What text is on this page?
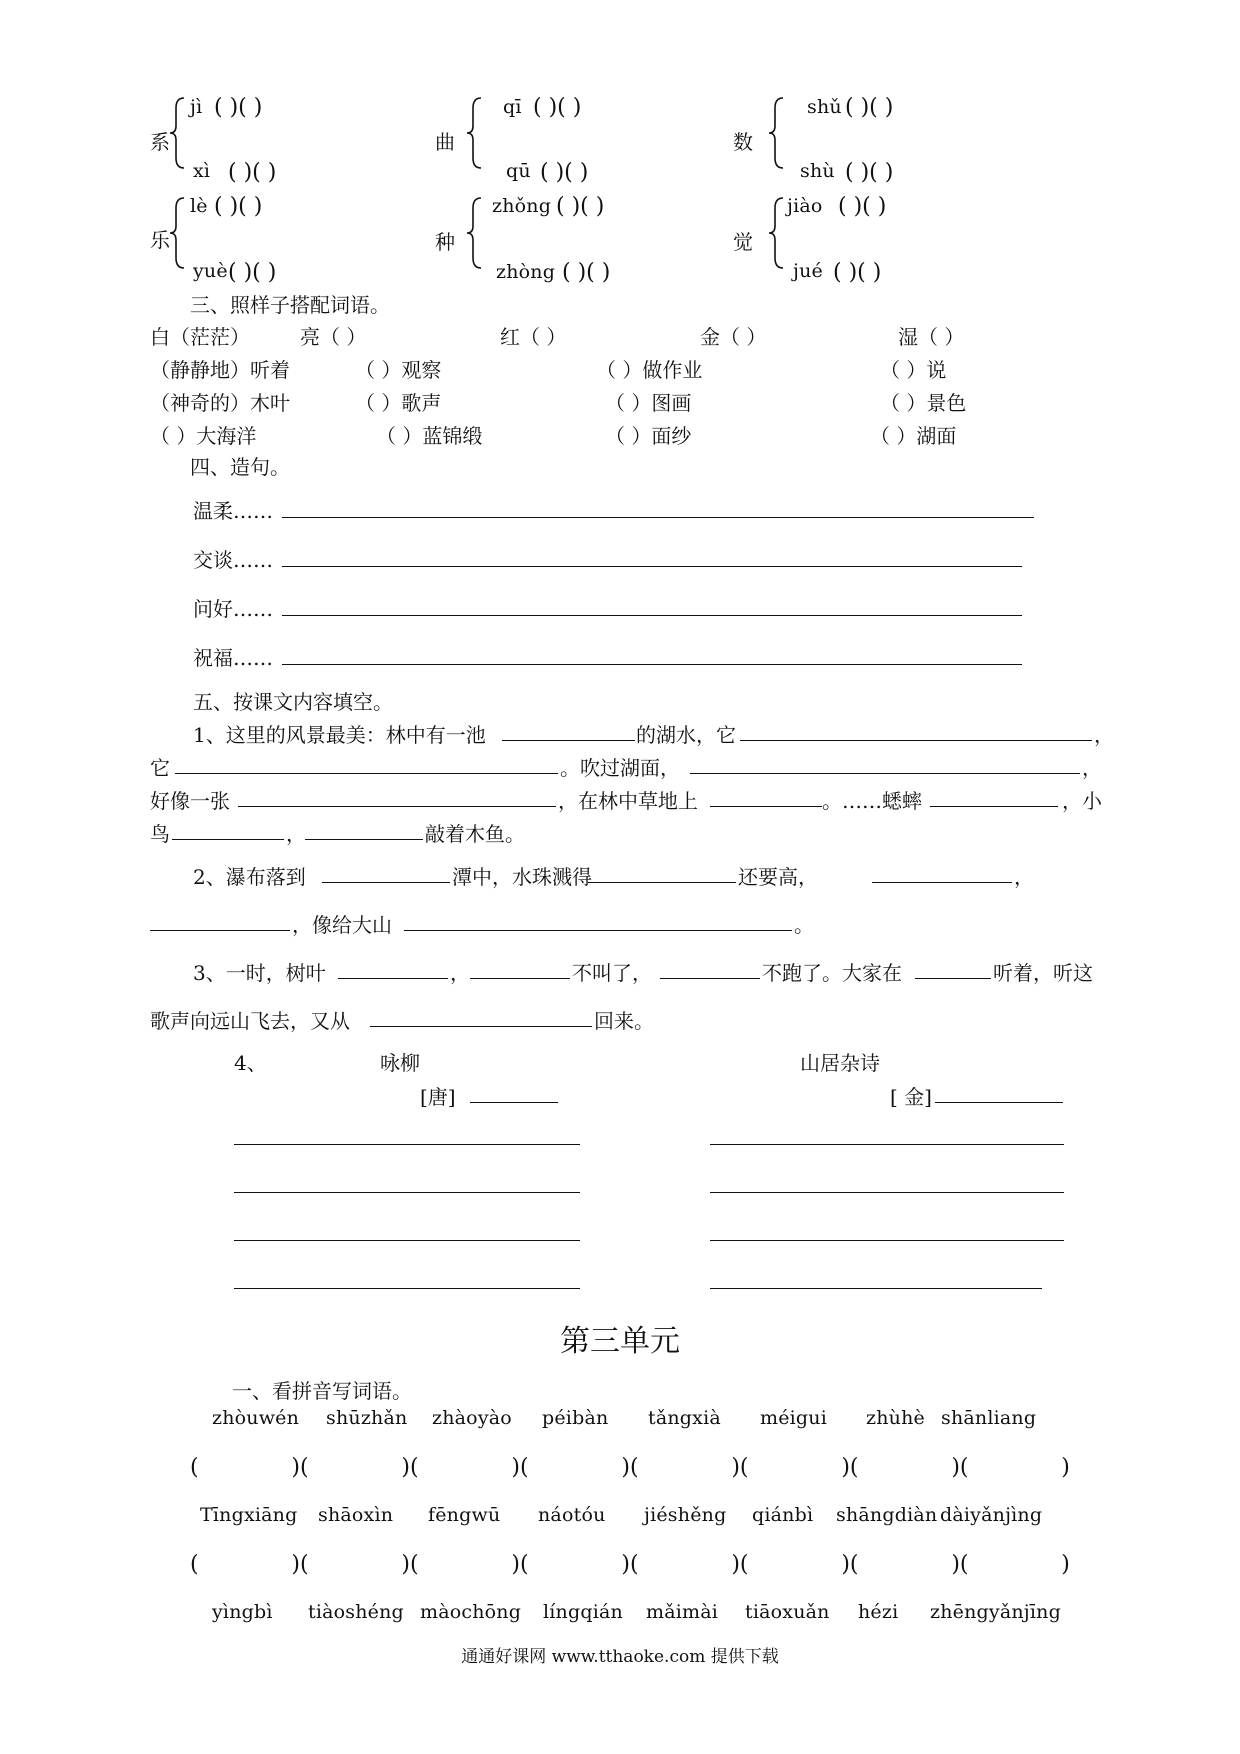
系
jì ( )( )
xì ( )( )
曲
qī ( )( )
qū ( )( )
数
shǔ ( )( )
shù ( )( )
乐
lè ( )( )
yuè ( )( )
种
zhǒng ( )( )
zhòng ( )( )
觉
jiào ( )( )
jué ( )( )
三、照样子搭配词语。
白（茫茫）	亮（ ）	红（ ）	金（ ）	湿（ ）
（静静地）听着	（ ）观察	（ ）做作业	（ ）说
（神奇的）木叶	（ ）歌声	（ ）图画	（ ）景色
（ ）大海洋	（ ）蓝锦缎	（ ）面纱	（ ）湖面
四、造句。
温柔……
交谈……
问好……
祝福……
五、按课文内容填空。
1、这里的风景最美：林中有一池	的湖水，它	，
它	。吹过湖面，	，
好像一张	，在林中草地上	。……蟋蟀	，小
鸟	，	敲着木鱼。
2、瀑布落到	潭中，水珠溅得	还要高，	，
，像给大山	。
3、一时，树叶	，	不叫了，	不跑了。大家在	听着，听这
歌声向远山飞去，又从	回来。
4、	咏柳
[唐]
山居杂诗
[ 金]
第三单元
一、看拼音写词语。
zhòuwén shūzhǎn zhàoyào péibàn tǎngxià méigui zhùhè shānliang
(	)(	)(	)(	)(	)(	)(	)(	)
Tīngxiāng shāoxìn fēngwū náotóu jiéshěng qiánbì shāngdiàn dàiyǎnjìng
(	)(	)(	)(	)(	)(	)(	)(	)
yìngbì tiàoshéng màochōng língqián mǎimài tiāoxuǎn hézi zhēngyǎnjīng
通通好课网 www.tthaoke.com 提供下载
